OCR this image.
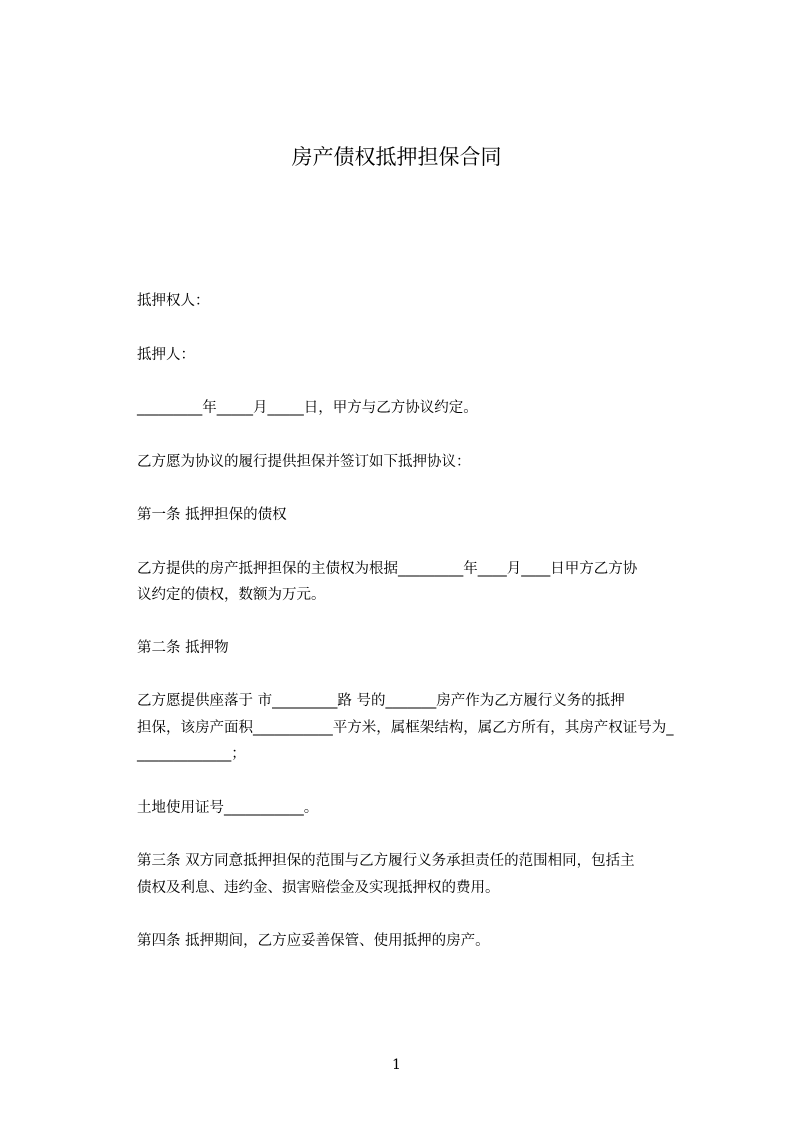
房产债权抵押担保合同
抵押权人：
抵押人：
_________年_____月_____日，甲方与乙方协议约定。
乙方愿为协议的履行提供担保并签订如下抵押协议：
第一条 抵押担保的债权
乙方提供的房产抵押担保的主债权为根据_________年____月____日甲方乙方协
议约定的债权，数额为万元。
第二条 抵押物
乙方愿提供座落于 市_________路 号的_______房产作为乙方履行义务的抵押
担保，该房产面积___________平方米，属框架结构，属乙方所有，其房产权证号为_
_____________；
土地使用证号___________。
第三条 双方同意抵押担保的范围与乙方履行义务承担责任的范围相同，包括主
债权及利息、违约金、损害赔偿金及实现抵押权的费用。
第四条 抵押期间，乙方应妥善保管、使用抵押的房产。
1
